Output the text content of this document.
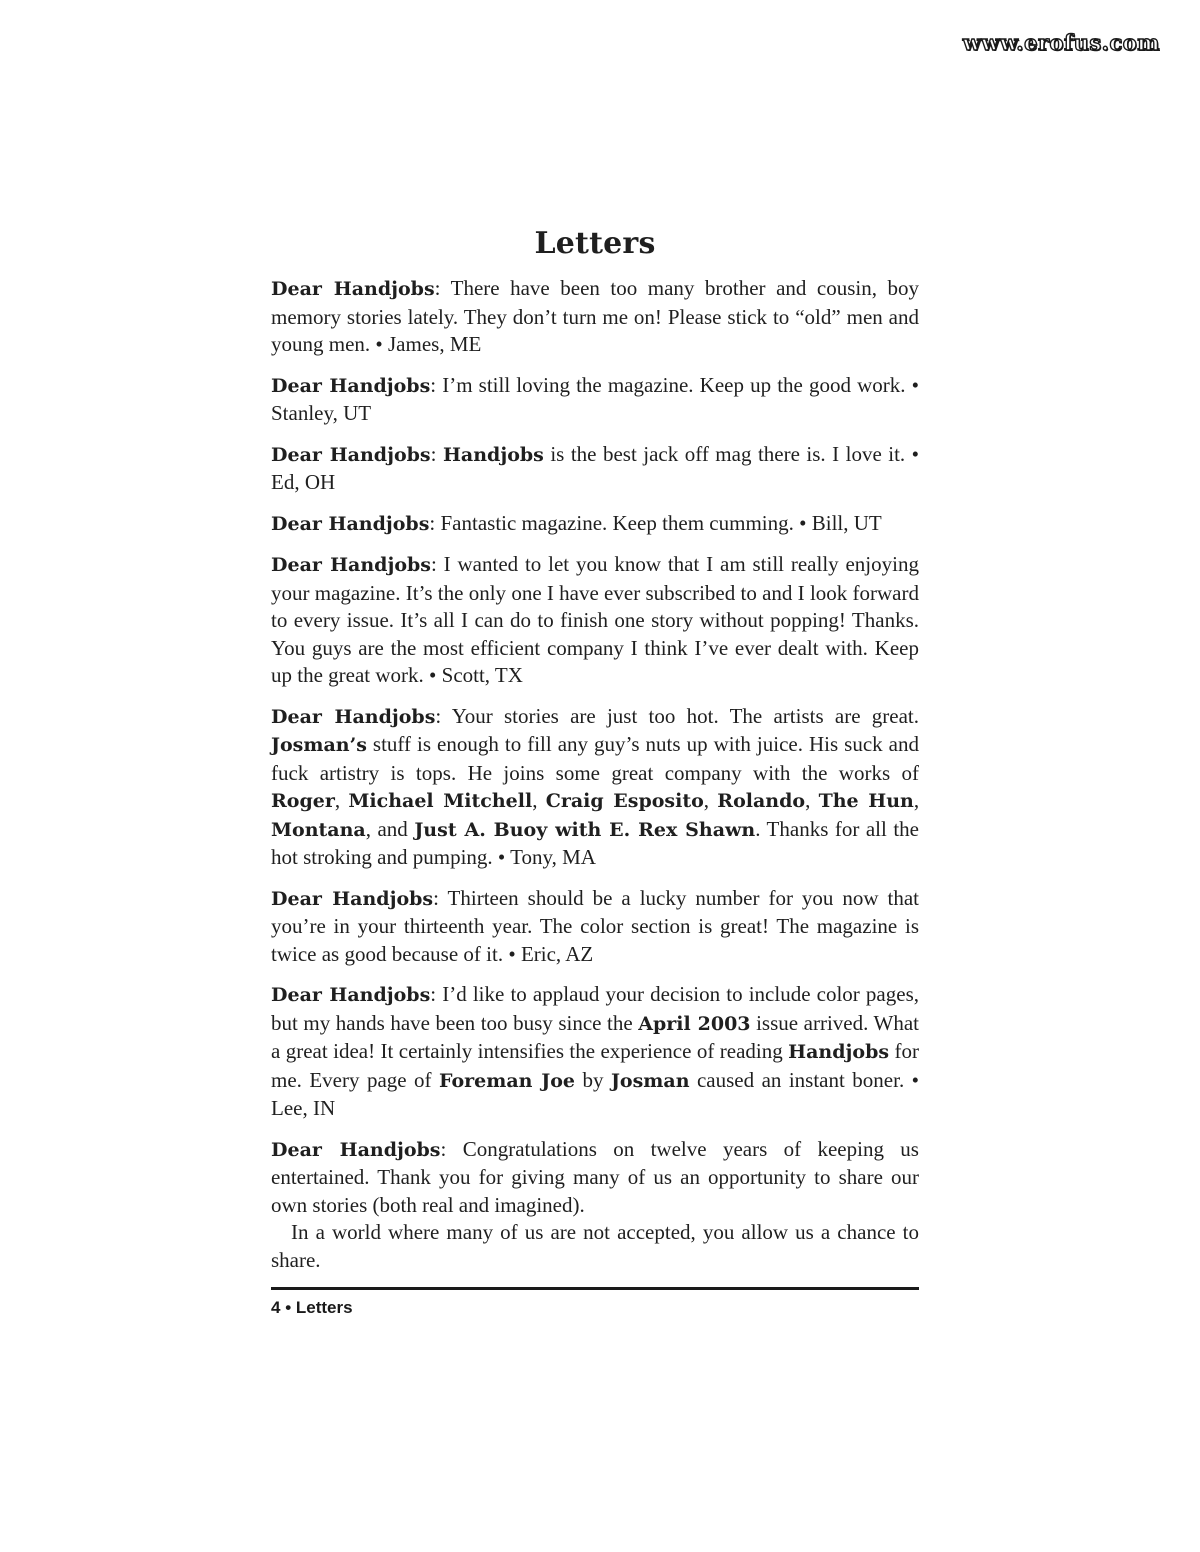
www.erofus.com
Letters

Dear Handjobs: There have been too many brother and cousin, boy memory stories lately. They don’t turn me on! Please stick to “old” men and young men. • James, ME

Dear Handjobs: I’m still loving the magazine. Keep up the good work. • Stanley, UT

Dear Handjobs: Handjobs is the best jack off mag there is. I love it. • Ed, OH

Dear Handjobs: Fantastic magazine. Keep them cumming. • Bill, UT

Dear Handjobs: I wanted to let you know that I am still really enjoying your magazine. It’s the only one I have ever subscribed to and I look forward to every issue. It’s all I can do to finish one story without popping! Thanks. You guys are the most efficient company I think I’ve ever dealt with. Keep up the great work. • Scott, TX

Dear Handjobs: Your stories are just too hot. The artists are great. Josman’s stuff is enough to fill any guy’s nuts up with juice. His suck and fuck artistry is tops. He joins some great company with the works of Roger, Michael Mitchell, Craig Esposito, Rolando, The Hun, Montana, and Just A. Buoy with E. Rex Shawn. Thanks for all the hot stroking and pumping. • Tony, MA

Dear Handjobs: Thirteen should be a lucky number for you now that you’re in your thirteenth year. The color section is great! The magazine is twice as good because of it. • Eric, AZ

Dear Handjobs: I’d like to applaud your decision to include color pages, but my hands have been too busy since the April 2003 issue arrived. What a great idea! It certainly intensifies the experience of reading Handjobs for me. Every page of Foreman Joe by Josman caused an instant boner. • Lee, IN

Dear Handjobs: Congratulations on twelve years of keeping us entertained. Thank you for giving many of us an opportunity to share our own stories (both real and imagined).

In a world where many of us are not accepted, you allow us a chance to share.

4 • Letters
